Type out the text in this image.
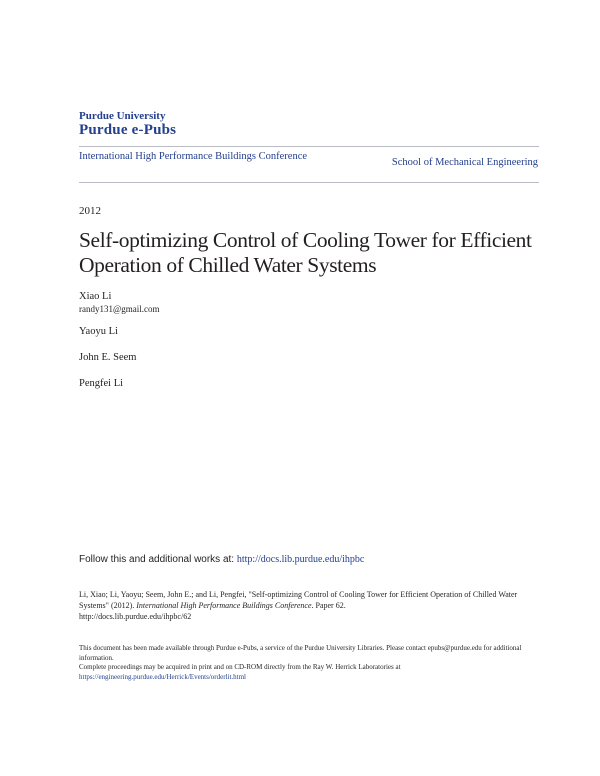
Purdue University
Purdue e-Pubs
International High Performance Buildings Conference
School of Mechanical Engineering
2012
Self-optimizing Control of Cooling Tower for Efficient Operation of Chilled Water Systems
Xiao Li
randy131@gmail.com
Yaoyu Li
John E. Seem
Pengfei Li
Follow this and additional works at: http://docs.lib.purdue.edu/ihpbc
Li, Xiao; Li, Yaoyu; Seem, John E.; and Li, Pengfei, "Self-optimizing Control of Cooling Tower for Efficient Operation of Chilled Water Systems" (2012). International High Performance Buildings Conference. Paper 62.
http://docs.lib.purdue.edu/ihpbc/62
This document has been made available through Purdue e-Pubs, a service of the Purdue University Libraries. Please contact epubs@purdue.edu for additional information.
Complete proceedings may be acquired in print and on CD-ROM directly from the Ray W. Herrick Laboratories at https://engineering.purdue.edu/Herrick/Events/orderlit.html
